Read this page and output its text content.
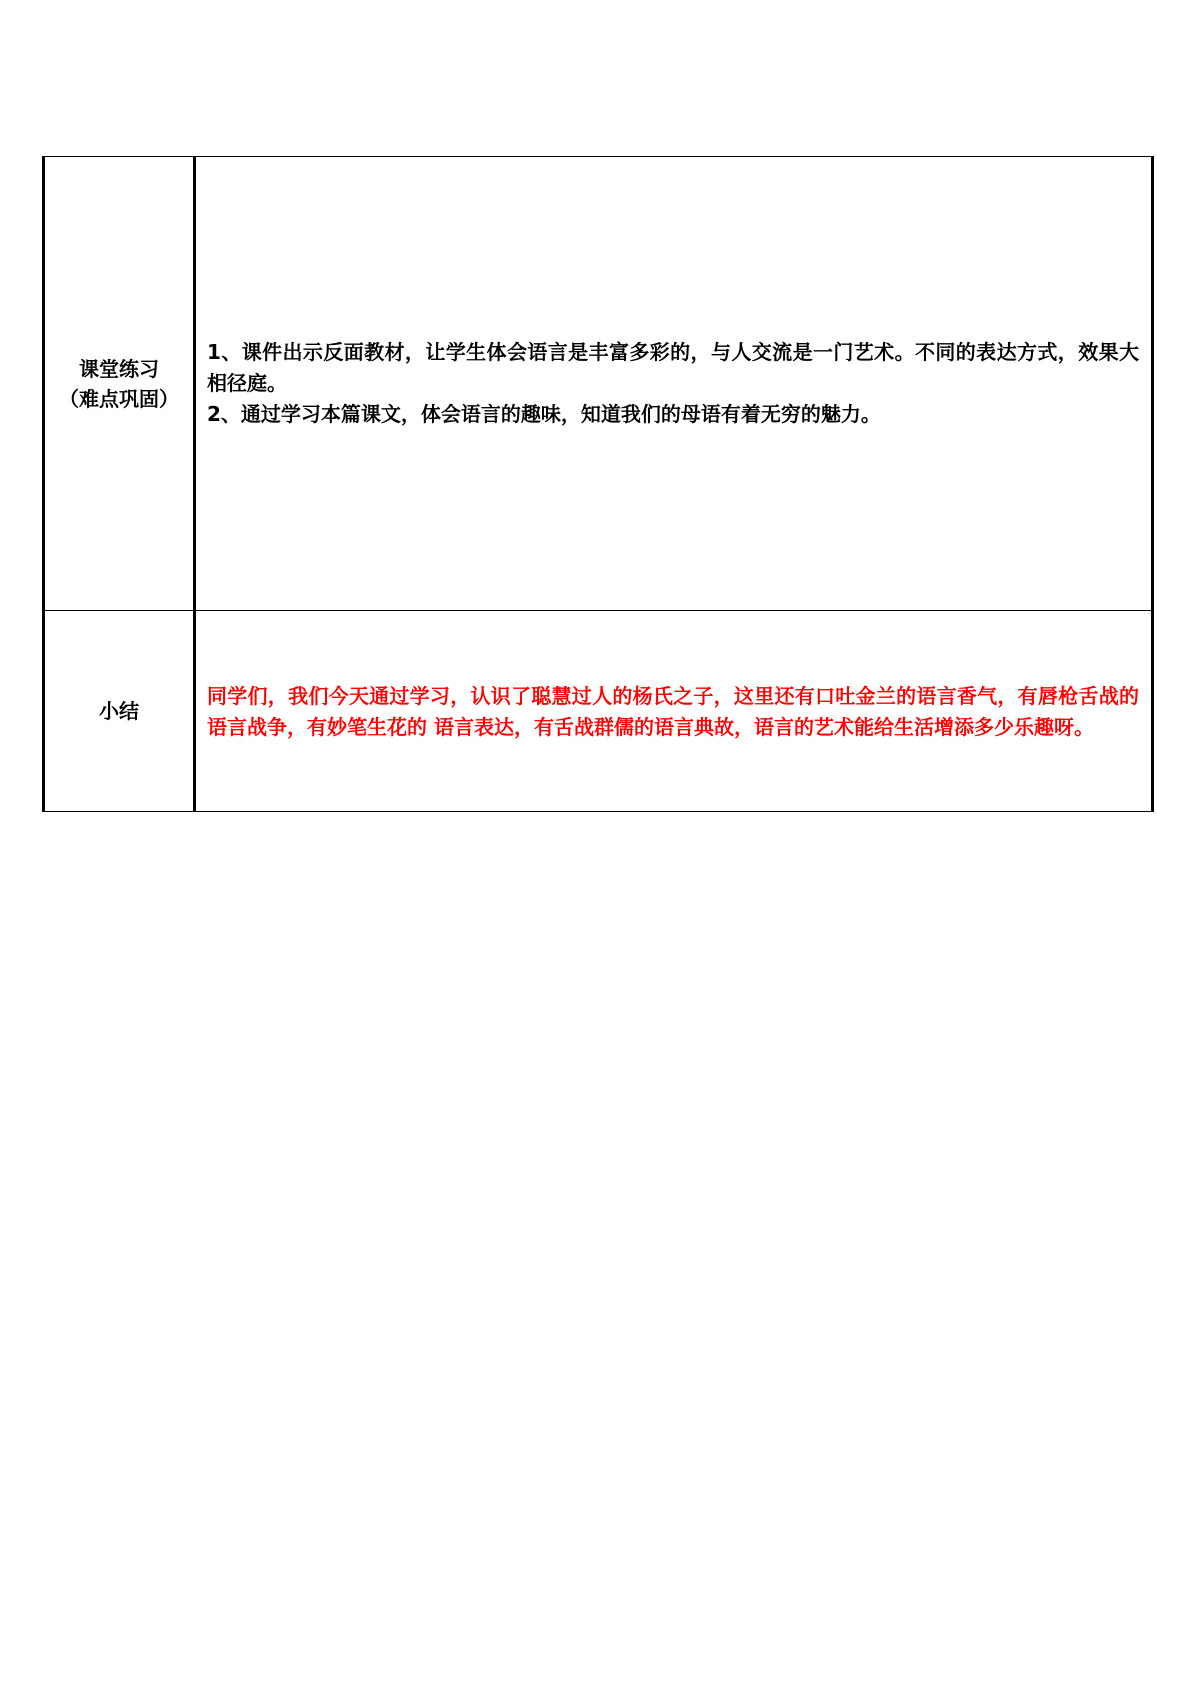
课堂练习
（难点巩固）	1、课件出示反面教材，让学生体会语言是丰富多彩的，与人交流是一门艺术。不同的表达方式，效果大相径庭。
2、通过学习本篇课文，体会语言的趣味，知道我们的母语有着无穷的魅力。

小结	同学们，我们今天通过学习，认识了聪慧过人的杨氏之子，这里还有口吐金兰的语言香气，有唇枪舌战的语言战争，有妙笔生花的 语言表达，有舌战群儒的语言典故，语言的艺术能给生活增添多少乐趣呀。
